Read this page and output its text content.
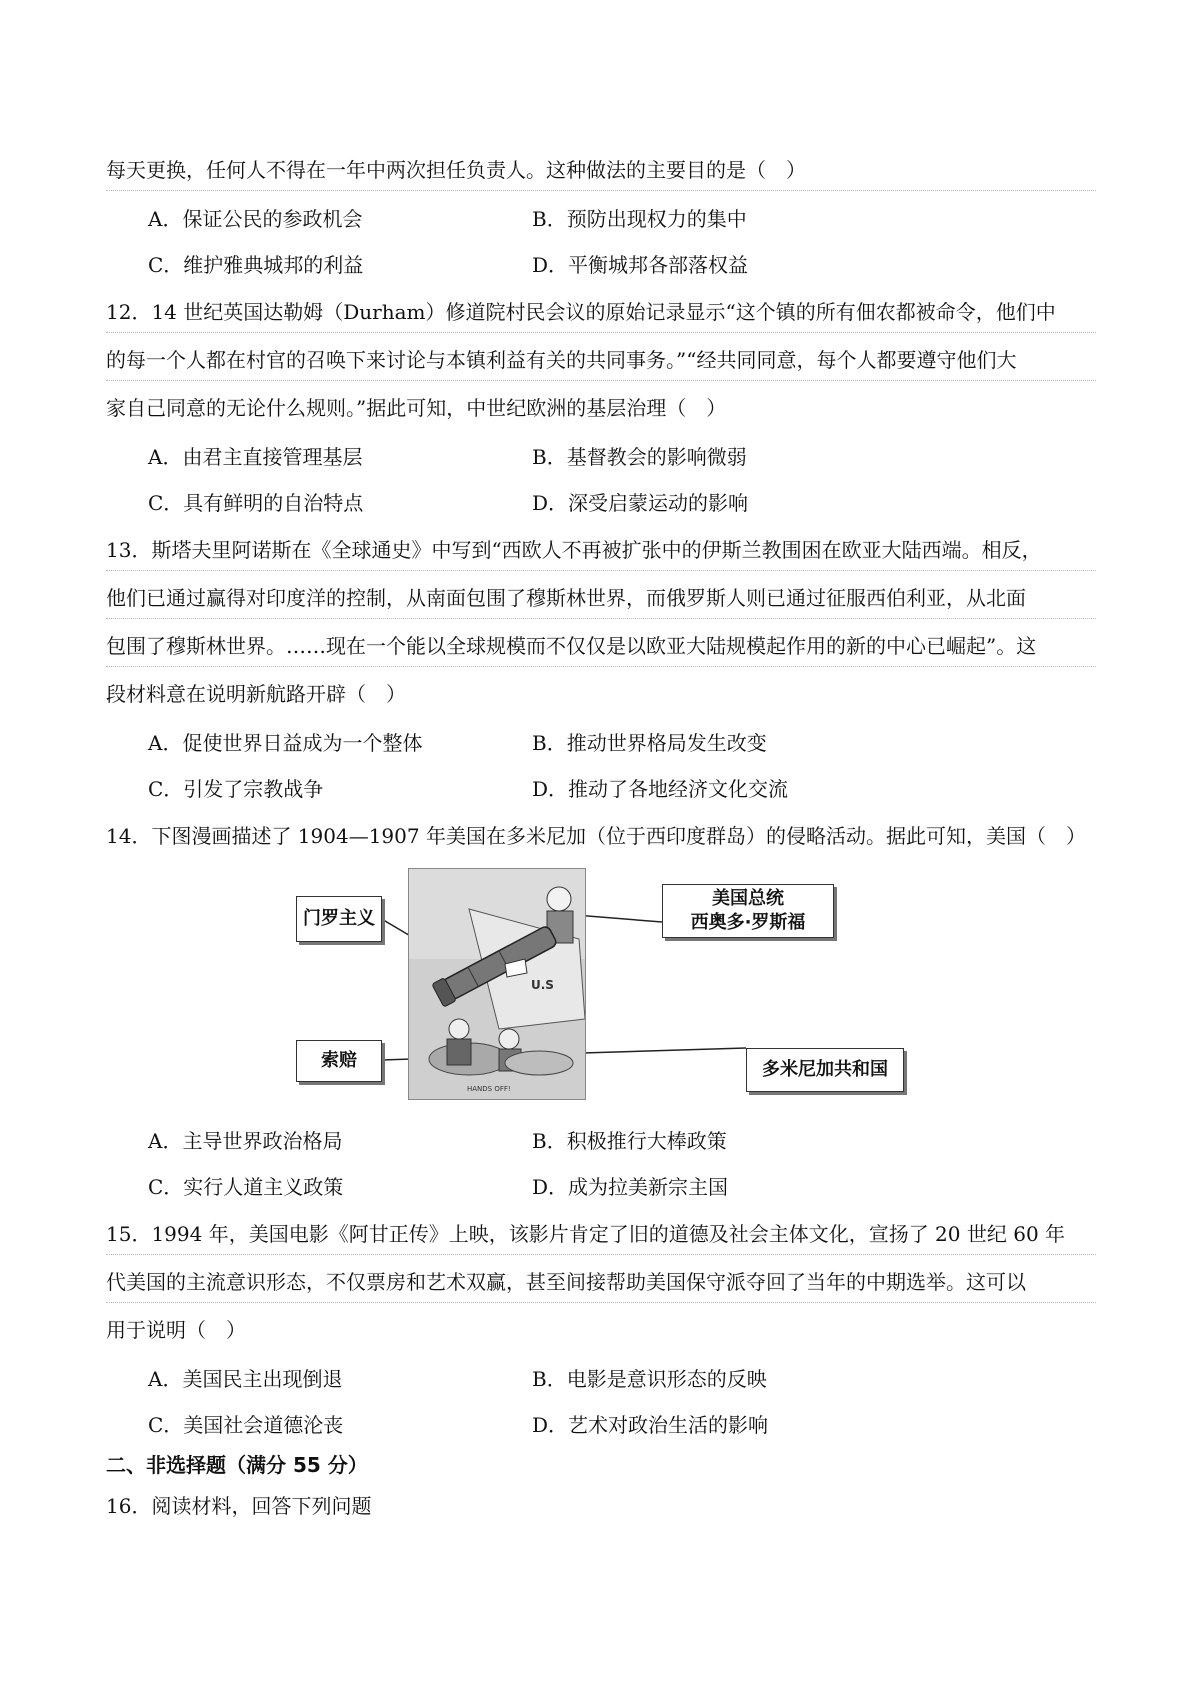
每天更换，任何人不得在一年中两次担任负责人。这种做法的主要目的是（　）
A．保证公民的参政机会	B．预防出现权力的集中
C．维护雅典城邦的利益	D．平衡城邦各部落权益
12．14 世纪英国达勒姆（Durham）修道院村民会议的原始记录显示“这个镇的所有佃农都被命令，他们中
的每一个人都在村官的召唤下来讨论与本镇利益有关的共同事务。”“经共同同意，每个人都要遵守他们大
家自己同意的无论什么规则。”据此可知，中世纪欧洲的基层治理（　）
A．由君主直接管理基层	B．基督教会的影响微弱
C．具有鲜明的自治特点	D．深受启蒙运动的影响
13．斯塔夫里阿诺斯在《全球通史》中写到“西欧人不再被扩张中的伊斯兰教围困在欧亚大陆西端。相反，
他们已通过赢得对印度洋的控制，从南面包围了穆斯林世界，而俄罗斯人则已通过征服西伯利亚，从北面
包围了穆斯林世界。……现在一个能以全球规模而不仅仅是以欧亚大陆规模起作用的新的中心已崛起”。这
段材料意在说明新航路开辟（　）
A．促使世界日益成为一个整体	B．推动世界格局发生改变
C．引发了宗教战争	D．推动了各地经济文化交流
14．下图漫画描述了 1904—1907 年美国在多米尼加（位于西印度群岛）的侵略活动。据此可知，美国（　）
U.S
HANDS OFF!
门罗主义
美国总统
西奥多·罗斯福
索赔	多米尼加共和国
A．主导世界政治格局	B．积极推行大棒政策
C．实行人道主义政策	D．成为拉美新宗主国
15．1994 年，美国电影《阿甘正传》上映，该影片肯定了旧的道德及社会主体文化，宣扬了 20 世纪 60 年
代美国的主流意识形态，不仅票房和艺术双赢，甚至间接帮助美国保守派夺回了当年的中期选举。这可以
用于说明（　）
A．美国民主出现倒退	B．电影是意识形态的反映
C．美国社会道德沦丧	D．艺术对政治生活的影响
二、非选择题（满分 55 分）
16．阅读材料，回答下列问题
